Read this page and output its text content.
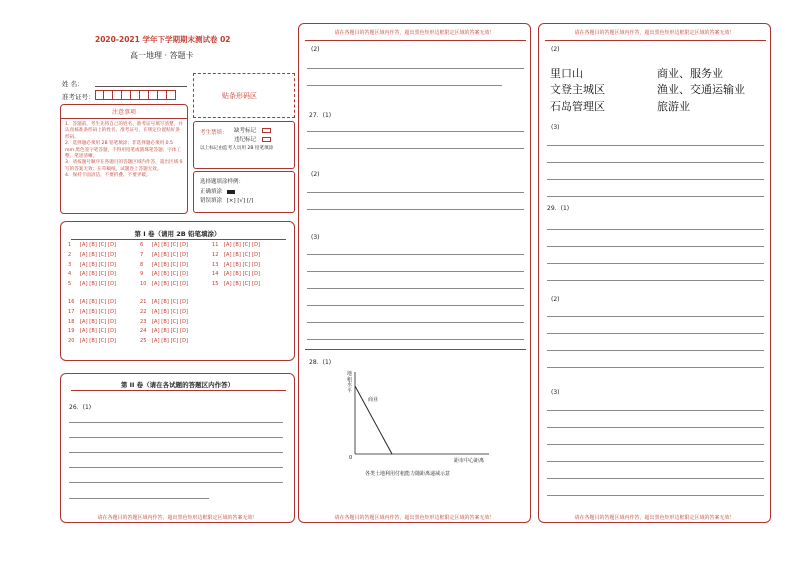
2020-2021 学年下学期期末测试卷 02
高一地理 · 答题卡
姓 名：
准考证号：	贴条形码区
注意事项
1．答题前，考生先将自己的姓名、准考证号填写清楚，并认真核准条形码上的姓名、准考证号，在规定位置贴好条形码。
2．选择题必须用 2B 铅笔填涂；非选择题必须用 0.5 mm 黑色签字笔答题，不得用铅笔或圆珠笔答题；字体工整、笔迹清晰。
3．请按题号顺序在各题目的答题区域内作答，超出区域书写的答案无效；在草稿纸、试题卷上答题无效。
4．保持卡面清洁，不要折叠、不要弄破。
考生禁填： 缺考标记
违纪标记
以上标记由监考人员用 2B 铅笔填涂
选择题填涂样例：
正确填涂
错误填涂 [×] [√] [/]
第 I 卷（请用 2B 铅笔填涂）
1 [A] [B] [C] [D]
2 [A] [B] [C] [D]
3 [A] [B] [C] [D]
4 [A] [B] [C] [D]
5 [A] [B] [C] [D]
6 [A] [B] [C] [D]
7 [A] [B] [C] [D]
8 [A] [B] [C] [D]
9 [A] [B] [C] [D]
10 [A] [B] [C] [D]
11 [A] [B] [C] [D]
12 [A] [B] [C] [D]
13 [A] [B] [C] [D]
14 [A] [B] [C] [D]
15 [A] [B] [C] [D]
16 [A] [B] [C] [D]
17 [A] [B] [C] [D]
18 [A] [B] [C] [D]
19 [A] [B] [C] [D]
20 [A] [B] [C] [D]
21 [A] [B] [C] [D]
22 [A] [B] [C] [D]
23 [A] [B] [C] [D]
24 [A] [B] [C] [D]
25 [A] [B] [C] [D]
第 II 卷（请在各试题的答题区内作答）
26．(1)
请在各题目的答题区域内作答，超出黑色矩形边框限定区域的答案无效！
请在各题目的答题区域内作答，超出黑色矩形边框限定区域的答案无效！
(2)
27．(1)
(2)
(3)
28．(1)
0
地租水平
商业
距市中心距离
各类土地利用付租能力随距离递减示意
请在各题目的答题区域内作答，超出黑色矩形边框限定区域的答案无效！
请在各题目的答题区域内作答，超出黑色矩形边框限定区域的答案无效！
(2)
里口山	商业、服务业
文登主城区	渔业、交通运输业
石岛管理区	旅游业
(3)
29．(1)
(2)
(3)
请在各题目的答题区域内作答，超出黑色矩形边框限定区域的答案无效！
